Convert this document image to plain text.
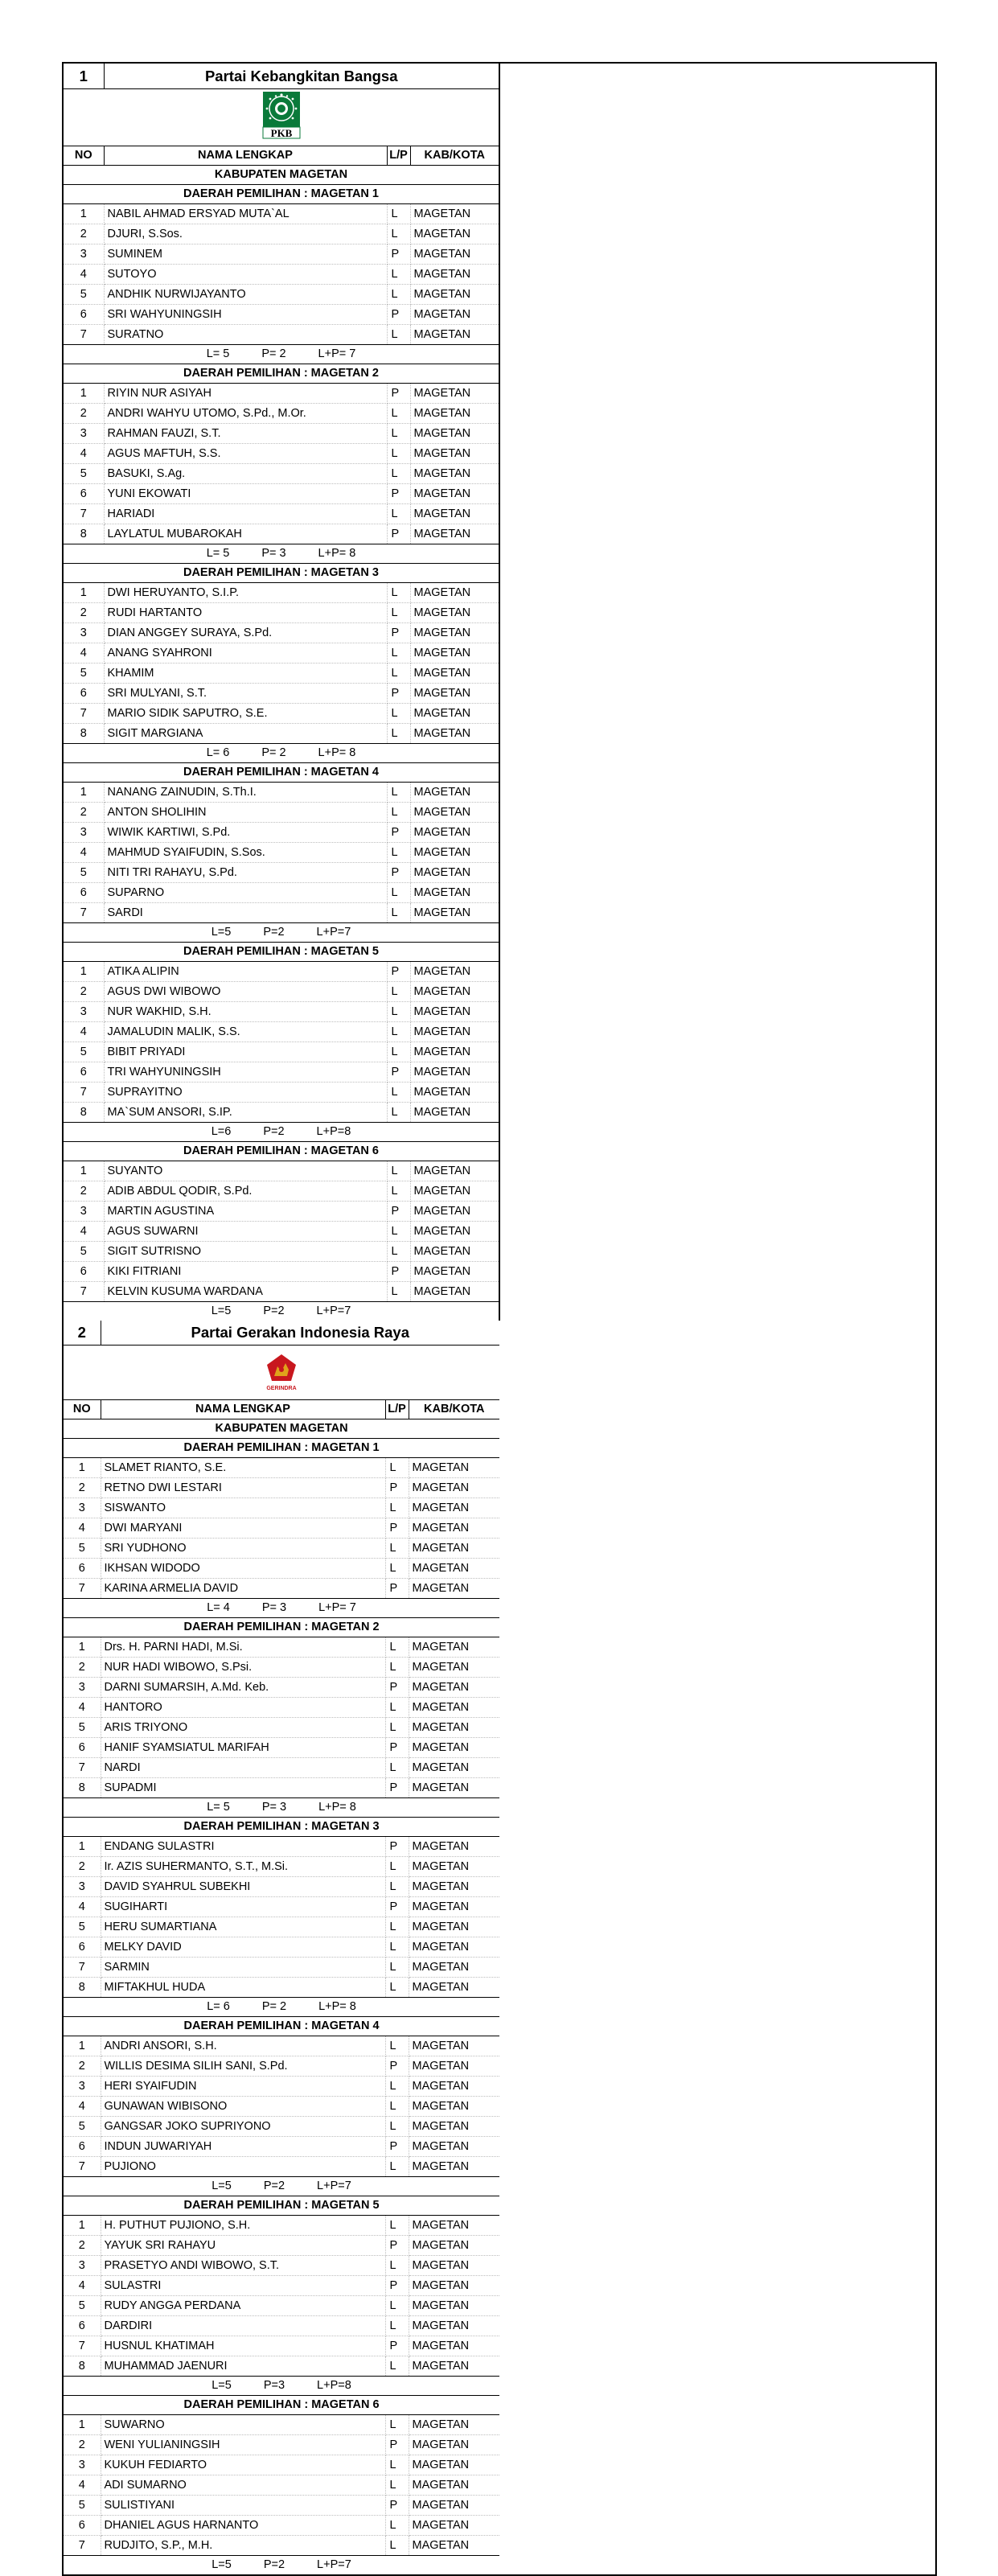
1	Partai Kebangkitan Bangsa		

PKB			

NO	NAMA LENGKAP	L/P	KAB/KOTA
KABUPATEN MAGETAN			
DAERAH PEMILIHAN : MAGETAN 1			
1	NABIL AHMAD ERSYAD MUTA`AL	L	MAGETAN
2	DJURI, S.Sos.	L	MAGETAN
3	SUMINEM	P	MAGETAN
4	SUTOYO	L	MAGETAN
5	ANDHIK NURWIJAYANTO	L	MAGETAN
6	SRI WAHYUNINGSIH	P	MAGETAN
7	SURATNO	L	MAGETAN
L= 5 P= 2 L+P= 7			
DAERAH PEMILIHAN : MAGETAN 2			
1	RIYIN NUR ASIYAH	P	MAGETAN
2	ANDRI WAHYU UTOMO, S.Pd., M.Or.	L	MAGETAN
3	RAHMAN FAUZI, S.T.	L	MAGETAN
4	AGUS MAFTUH, S.S.	L	MAGETAN
5	BASUKI, S.Ag.	L	MAGETAN
6	YUNI EKOWATI	P	MAGETAN
7	HARIADI	L	MAGETAN
8	LAYLATUL MUBAROKAH	P	MAGETAN
L= 5 P= 3 L+P= 8			
DAERAH PEMILIHAN : MAGETAN 3			
1	DWI HERUYANTO, S.I.P.	L	MAGETAN
2	RUDI HARTANTO	L	MAGETAN
3	DIAN ANGGEY SURAYA, S.Pd.	P	MAGETAN
4	ANANG SYAHRONI	L	MAGETAN
5	KHAMIM	L	MAGETAN
6	SRI MULYANI, S.T.	P	MAGETAN
7	MARIO SIDIK SAPUTRO, S.E.	L	MAGETAN
8	SIGIT MARGIANA	L	MAGETAN
L= 6 P= 2 L+P= 8			
DAERAH PEMILIHAN : MAGETAN 4			
1	NANANG ZAINUDIN, S.Th.I.	L	MAGETAN
2	ANTON SHOLIHIN	L	MAGETAN
3	WIWIK KARTIWI, S.Pd.	P	MAGETAN
4	MAHMUD SYAIFUDIN, S.Sos.	L	MAGETAN
5	NITI TRI RAHAYU, S.Pd.	P	MAGETAN
6	SUPARNO	L	MAGETAN
7	SARDI	L	MAGETAN
L=5 P=2 L+P=7			
DAERAH PEMILIHAN : MAGETAN 5			
1	ATIKA ALIPIN	P	MAGETAN
2	AGUS DWI WIBOWO	L	MAGETAN
3	NUR WAKHID, S.H.	L	MAGETAN
4	JAMALUDIN MALIK, S.S.	L	MAGETAN
5	BIBIT PRIYADI	L	MAGETAN
6	TRI WAHYUNINGSIH	P	MAGETAN
7	SUPRAYITNO	L	MAGETAN
8	MA`SUM ANSORI, S.IP.	L	MAGETAN
L=6 P=2 L+P=8			
DAERAH PEMILIHAN : MAGETAN 6			
1	SUYANTO	L	MAGETAN
2	ADIB ABDUL QODIR, S.Pd.	L	MAGETAN
3	MARTIN AGUSTINA	P	MAGETAN
4	AGUS SUWARNI	L	MAGETAN
5	SIGIT SUTRISNO	L	MAGETAN
6	KIKI FITRIANI	P	MAGETAN
7	KELVIN KUSUMA WARDANA	L	MAGETAN
L=5 P=2 L+P=7			
2	Partai Gerakan Indonesia Raya		

GERINDRA			

NO	NAMA LENGKAP	L/P	KAB/KOTA
KABUPATEN MAGETAN			
DAERAH PEMILIHAN : MAGETAN 1			
1	SLAMET RIANTO, S.E.	L	MAGETAN
2	RETNO DWI LESTARI	P	MAGETAN
3	SISWANTO	L	MAGETAN
4	DWI MARYANI	P	MAGETAN
5	SRI YUDHONO	L	MAGETAN
6	IKHSAN WIDODO	L	MAGETAN
7	KARINA ARMELIA DAVID	P	MAGETAN
L= 4 P= 3 L+P= 7			
DAERAH PEMILIHAN : MAGETAN 2			
1	Drs. H. PARNI HADI, M.Si.	L	MAGETAN
2	NUR HADI WIBOWO, S.Psi.	L	MAGETAN
3	DARNI SUMARSIH, A.Md. Keb.	P	MAGETAN
4	HANTORO	L	MAGETAN
5	ARIS TRIYONO	L	MAGETAN
6	HANIF SYAMSIATUL MARIFAH	P	MAGETAN
7	NARDI	L	MAGETAN
8	SUPADMI	P	MAGETAN
L= 5 P= 3 L+P= 8			
DAERAH PEMILIHAN : MAGETAN 3			
1	ENDANG SULASTRI	P	MAGETAN
2	Ir. AZIS SUHERMANTO, S.T., M.Si.	L	MAGETAN
3	DAVID SYAHRUL SUBEKHI	L	MAGETAN
4	SUGIHARTI	P	MAGETAN
5	HERU SUMARTIANA	L	MAGETAN
6	MELKY DAVID	L	MAGETAN
7	SARMIN	L	MAGETAN
8	MIFTAKHUL HUDA	L	MAGETAN
L= 6 P= 2 L+P= 8			
DAERAH PEMILIHAN : MAGETAN 4			
1	ANDRI ANSORI, S.H.	L	MAGETAN
2	WILLIS DESIMA SILIH SANI, S.Pd.	P	MAGETAN
3	HERI SYAIFUDIN	L	MAGETAN
4	GUNAWAN WIBISONO	L	MAGETAN
5	GANGSAR JOKO SUPRIYONO	L	MAGETAN
6	INDUN JUWARIYAH	P	MAGETAN
7	PUJIONO	L	MAGETAN
L=5 P=2 L+P=7			
DAERAH PEMILIHAN : MAGETAN 5			
1	H. PUTHUT PUJIONO, S.H.	L	MAGETAN
2	YAYUK SRI RAHAYU	P	MAGETAN
3	PRASETYO ANDI WIBOWO, S.T.	L	MAGETAN
4	SULASTRI	P	MAGETAN
5	RUDY ANGGA PERDANA	L	MAGETAN
6	DARDIRI	L	MAGETAN
7	HUSNUL KHATIMAH	P	MAGETAN
8	MUHAMMAD JAENURI	L	MAGETAN
L=5 P=3 L+P=8			
DAERAH PEMILIHAN : MAGETAN 6			
1	SUWARNO	L	MAGETAN
2	WENI YULIANINGSIH	P	MAGETAN
3	KUKUH FEDIARTO	L	MAGETAN
4	ADI SUMARNO	L	MAGETAN
5	SULISTIYANI	P	MAGETAN
6	DHANIEL AGUS HARNANTO	L	MAGETAN
7	RUDJITO, S.P., M.H.	L	MAGETAN
L=5 P=2 L+P=7			
